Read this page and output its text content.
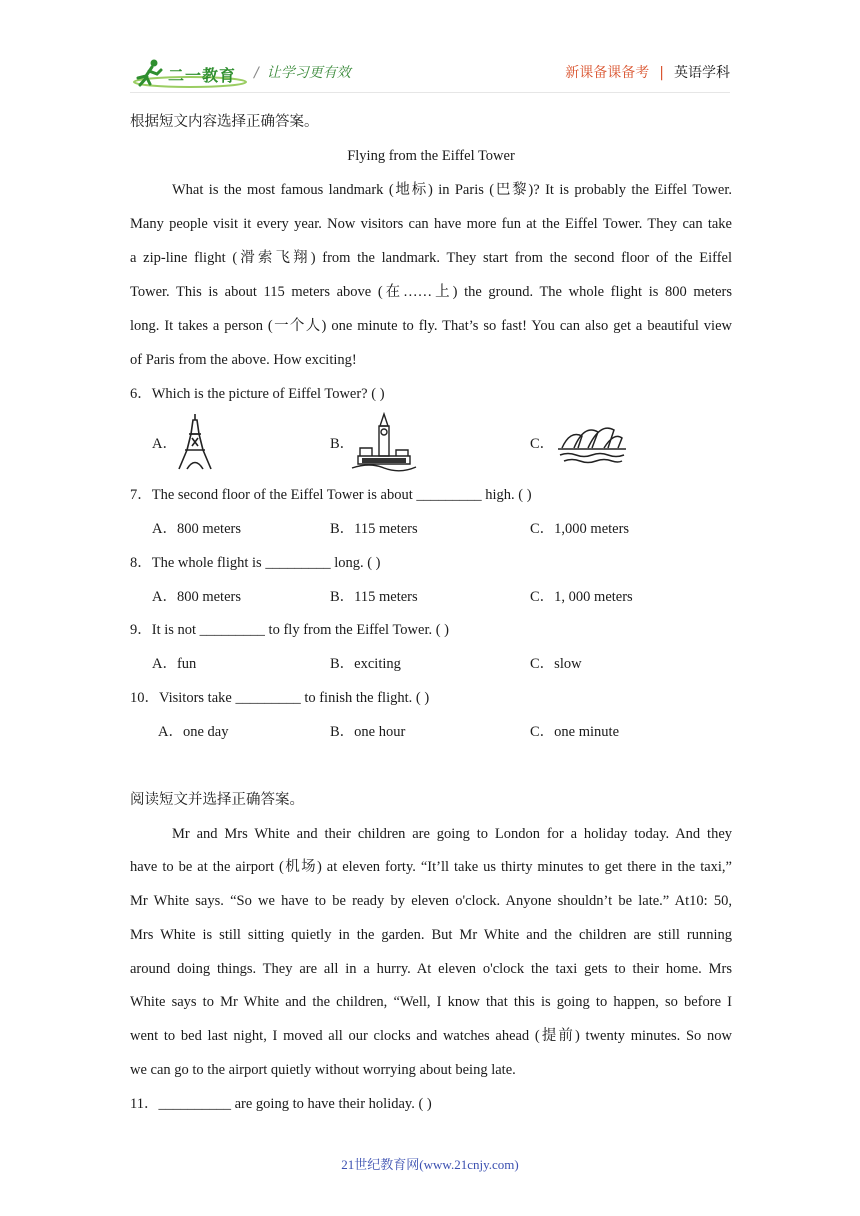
二一教育 / 让学习更有效	新课备课备考 | 英语学科
根据短文内容选择正确答案。
Flying from the Eiffel Tower
What is the most famous landmark (地标) in Paris (巴黎)? It is probably the Eiffel Tower.
Many people visit it every year. Now visitors can have more fun at the Eiffel Tower. They can take
a zip-line flight (滑索飞翔) from the landmark. They start from the second floor of the Eiffel
Tower. This is about 115 meters above (在……上) the ground. The whole flight is 800 meters
long. It takes a person (一个人) one minute to fly. That’s so fast! You can also get a beautiful view
of Paris from the above. How exciting!
6．Which is the picture of Eiffel Tower? ( )
A．	B．	C．
7．The second floor of the Eiffel Tower is about _________ high. ( )
A．800 meters	B．115 meters	C．1,000 meters
8．The whole flight is _________ long. ( )
A．800 meters	B．115 meters	C．1, 000 meters
9．It is not _________ to fly from the Eiffel Tower. ( )
A．fun	B．exciting	C．slow
10．Visitors take _________ to finish the flight. ( )
A．one day	B．one hour	C．one minute
阅读短文并选择正确答案。
Mr and Mrs White and their children are going to London for a holiday today. And they
have to be at the airport (机场) at eleven forty. “It’ll take us thirty minutes to get there in the taxi,”
Mr White says. “So we have to be ready by eleven o'clock. Anyone shouldn’t be late.” At10: 50,
Mrs White is still sitting quietly in the garden. But Mr White and the children are still running
around doing things. They are all in a hurry. At eleven o'clock the taxi gets to their home. Mrs
White says to Mr White and the children, “Well, I know that this is going to happen, so before I
went to bed last night, I moved all our clocks and watches ahead (提前) twenty minutes. So now
we can go to the airport quietly without worrying about being late.
11．__________ are going to have their holiday. ( )
21世纪教育网(www.21cnjy.com)
